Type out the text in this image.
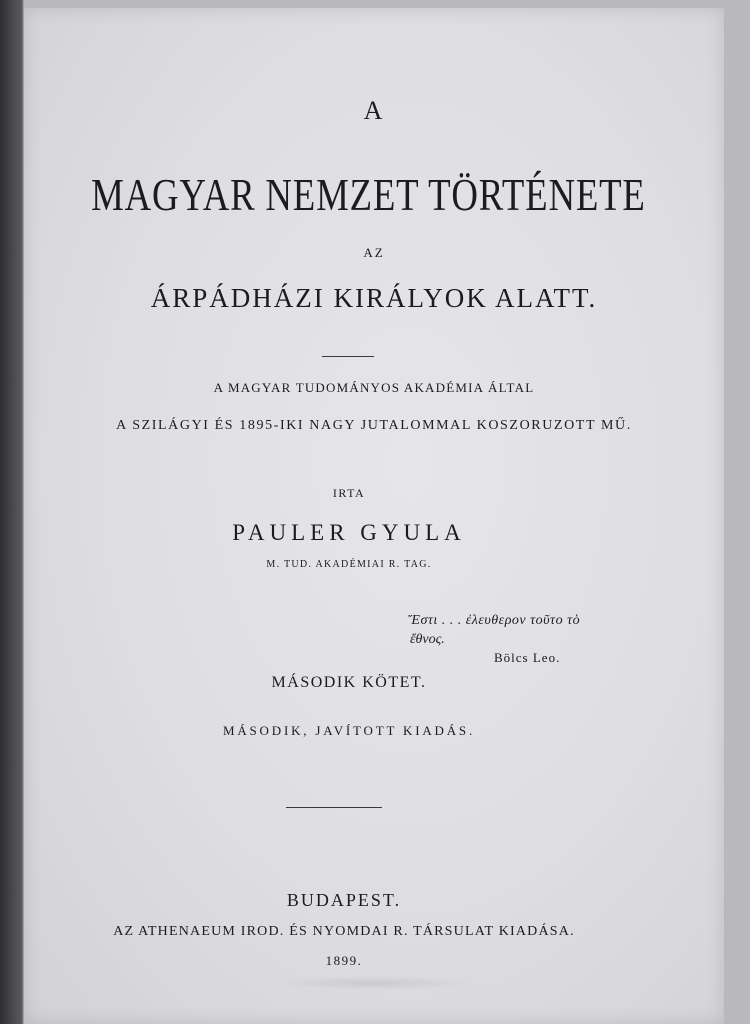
A
MAGYAR NEMZET TÖRTÉNETE
AZ
ÁRPÁDHÁZI KIRÁLYOK ALATT.
A MAGYAR TUDOMÁNYOS AKADÉMIA ÁLTAL
A SZILÁGYI ÉS 1895-IKI NAGY JUTALOMMAL KOSZORUZOTT MŰ.
IRTA
PAULER GYULA
M. TUD. AKADÉMIAI R. TAG.
Ἔστι . . . ἐλευθερον τοῦτο τὸ
ἔθνος.
Bölcs Leo.
MÁSODIK KÖTET.
MÁSODIK, JAVÍTOTT KIADÁS.
BUDAPEST.
AZ ATHENAEUM IROD. ÉS NYOMDAI R. TÁRSULAT KIADÁSA.
1899.
